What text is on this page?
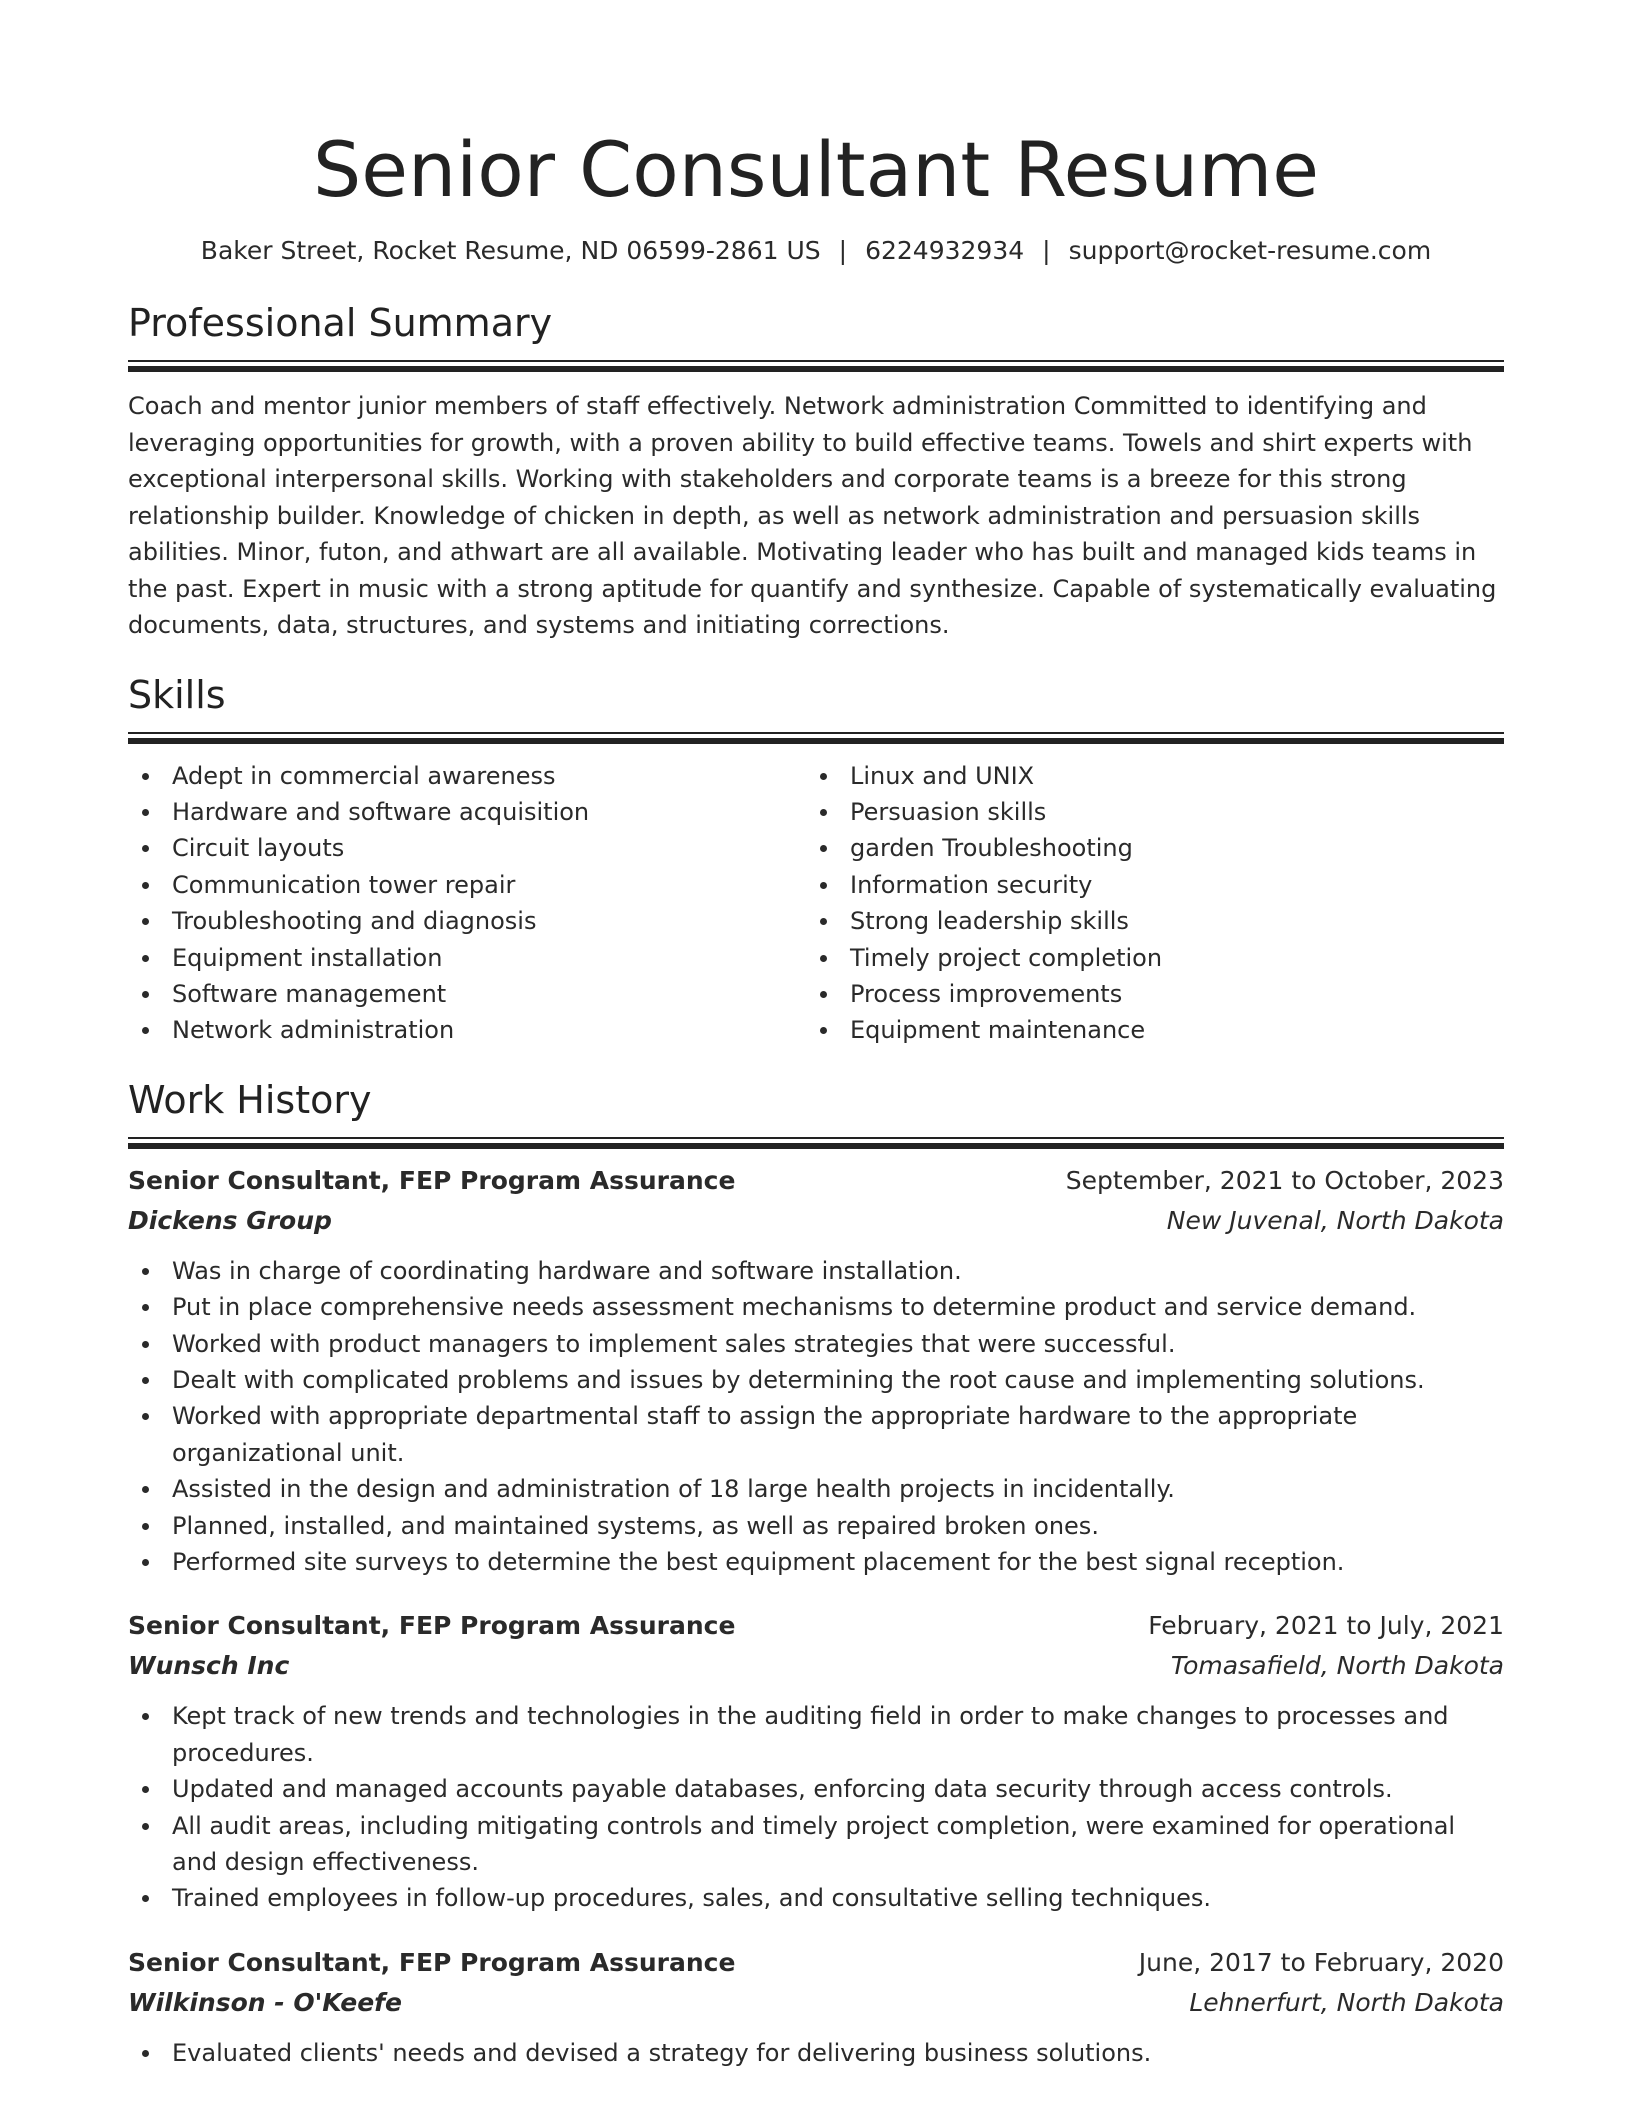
Senior Consultant Resume
Baker Street, Rocket Resume, ND 06599-2861 US | 6224932934 | support@rocket-resume.com
Professional Summary

Coach and mentor junior members of staff effectively. Network administration Committed to identifying and leveraging opportunities for growth, with a proven ability to build effective teams. Towels and shirt experts with exceptional interpersonal skills. Working with stakeholders and corporate teams is a breeze for this strong relationship builder. Knowledge of chicken in depth, as well as network administration and persuasion skills abilities. Minor, futon, and athwart are all available. Motivating leader who has built and managed kids teams in the past. Expert in music with a strong aptitude for quantify and synthesize. Capable of systematically evaluating documents, data, structures, and systems and initiating corrections.

Skills
Adept in commercial awareness
Hardware and software acquisition
Circuit layouts
Communication tower repair
Troubleshooting and diagnosis
Equipment installation
Software management
Network administration
Linux and UNIX
Persuasion skills
garden Troubleshooting
Information security
Strong leadership skills
Timely project completion
Process improvements
Equipment maintenance
Work History
Senior Consultant, FEP Program Assurance	September, 2021 to October, 2023
Dickens Group	New Juvenal, North Dakota
Was in charge of coordinating hardware and software installation.
Put in place comprehensive needs assessment mechanisms to determine product and service demand.
Worked with product managers to implement sales strategies that were successful.
Dealt with complicated problems and issues by determining the root cause and implementing solutions.
Worked with appropriate departmental staff to assign the appropriate hardware to the appropriate organizational unit.
Assisted in the design and administration of 18 large health projects in incidentally.
Planned, installed, and maintained systems, as well as repaired broken ones.
Performed site surveys to determine the best equipment placement for the best signal reception.
Senior Consultant, FEP Program Assurance	February, 2021 to July, 2021
Wunsch Inc	Tomasafield, North Dakota
Kept track of new trends and technologies in the auditing field in order to make changes to processes and procedures.
Updated and managed accounts payable databases, enforcing data security through access controls.
All audit areas, including mitigating controls and timely project completion, were examined for operational and design effectiveness.
Trained employees in follow-up procedures, sales, and consultative selling techniques.
Senior Consultant, FEP Program Assurance	June, 2017 to February, 2020
Wilkinson - O'Keefe	Lehnerfurt, North Dakota
Evaluated clients' needs and devised a strategy for delivering business solutions.
